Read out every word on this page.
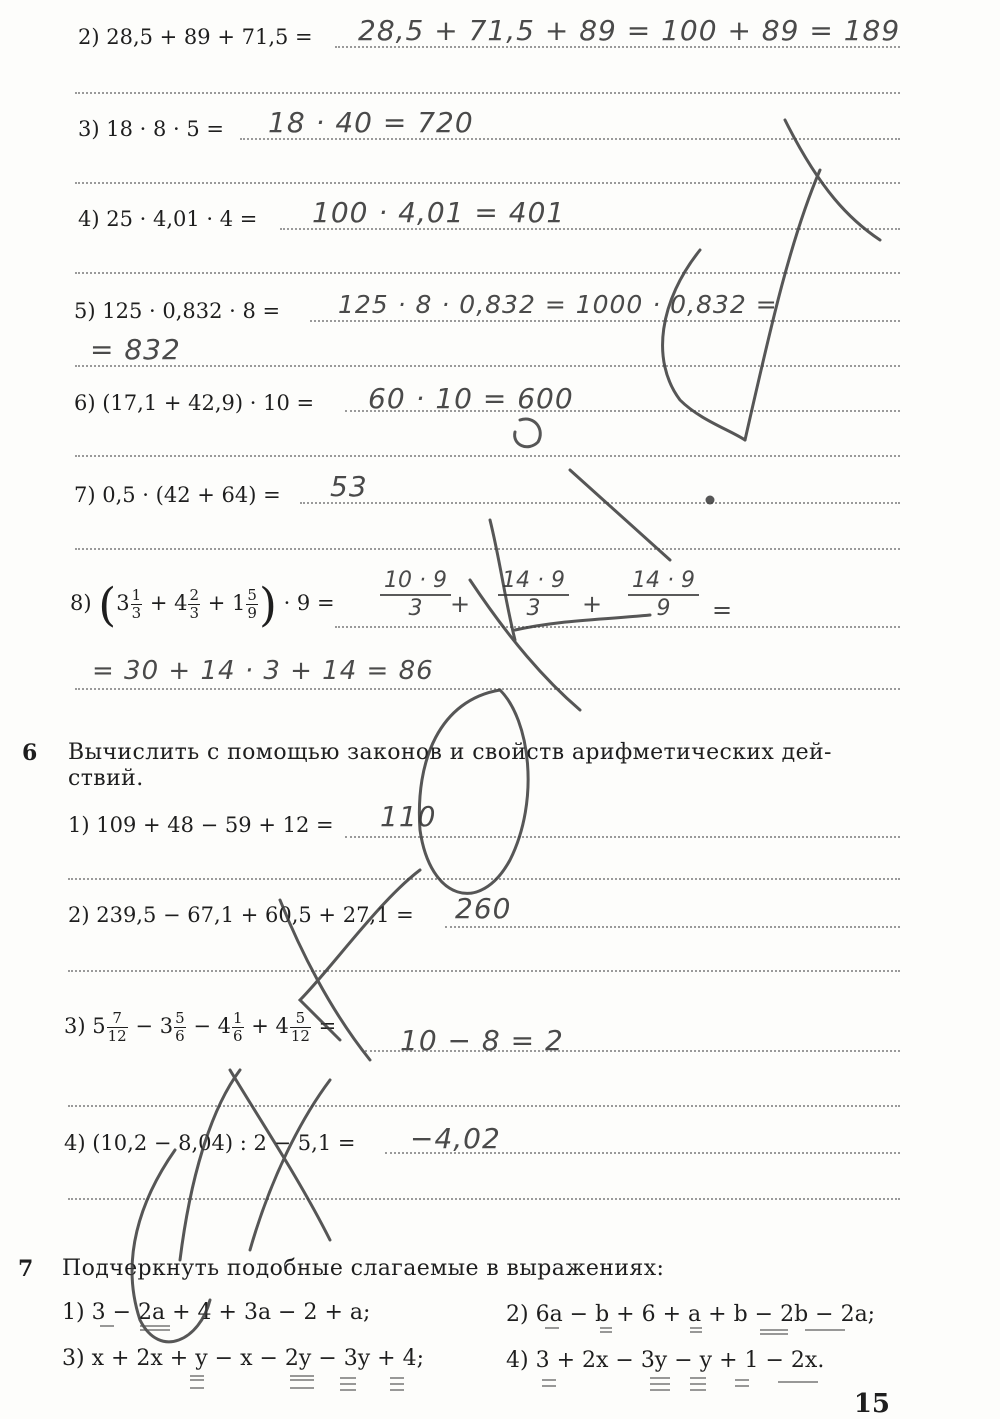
2) 28,5 + 89 + 71,5 =
3) 18 · 8 · 5 =
4) 25 · 4,01 · 4 =
5) 125 · 0,832 · 8 =
6) (17,1 + 42,9) · 10 =
7) 0,5 · (42 + 64) =
8) ($3 \frac{1}{3} + 4 \frac{2}{3} + 1 \frac{5}{9}$ ) · 9 =
28,5 + 71,5 + 89 = 100 + 89 = 189
18 · 40 = 720
100 · 4,01 = 401
125 · 8 · 0,832 = 1000 · 0,832 =
= 832
60 · 10 = 600
53
10 · 9
3	+
14 · 9
3	+
14 · 9
9	=
= 30 + 14 · 3 + 14 = 86
6 Вычислить с помощью законов и свойств арифметических дей-
ствий.
1) 109 + 48 − 59 + 12 =
2) 239,5 − 67,1 + 60,5 + 27,1 =
3) $5 \frac{7}{12} - 3 \frac{5}{6} - 4 \frac{1}{6} + 4 \frac{5}{12}$ =
4) (10,2 − 8,04) : 2 − 5,1 =
110
260
10 − 8 = 2
−4,02
7 Подчеркнуть подобные слагаемые в выражениях:
1) 3 − 2a + 4 + 3a − 2 + a;	2) 6a − b + 6 + a + b − 2b − 2a;
3) x + 2x + y − x − 2y − 3y + 4;	4) 3 + 2x − 3y − y + 1 − 2x.
15
